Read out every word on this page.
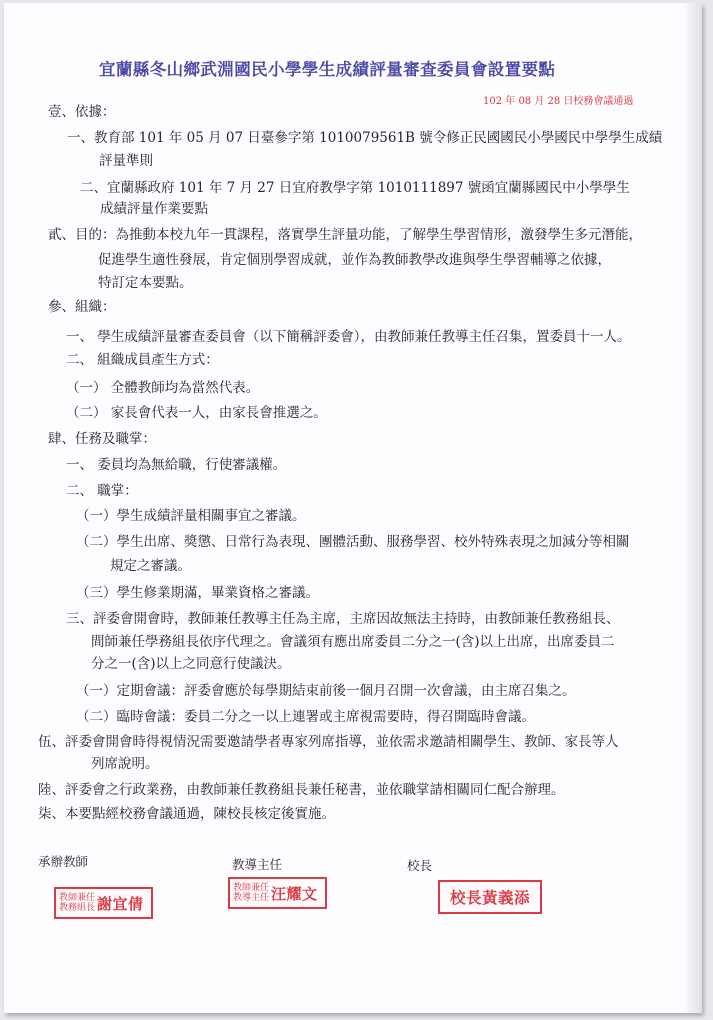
宜蘭縣冬山鄉武淵國民小學學生成績評量審查委員會設置要點
102 年 08 月 28 日校務會議通過
壹、依據：
一、教育部 101 年 05 月 07 日臺參字第 1010079561B 號令修正民國國民小學國民中學學生成績
評量準則
二、宜蘭縣政府 101 年 7 月 27 日宜府教學字第 1010111897 號函宜蘭縣國民中小學學生
成績評量作業要點
貳、目的：為推動本校九年一貫課程，落實學生評量功能，了解學生學習情形，激發學生多元潛能，
促進學生適性發展，肯定個別學習成就，並作為教師教學改進與學生學習輔導之依據，
特訂定本要點。
參、組織：
一、 學生成績評量審查委員會（以下簡稱評委會），由教師兼任教導主任召集，置委員十一人。
二、 組織成員產生方式：
（一） 全體教師均為當然代表。
（二） 家長會代表一人，由家長會推選之。
肆、任務及職掌：
一、 委員均為無給職，行使審議權。
二、 職掌：
（一）學生成績評量相關事宜之審議。
（二）學生出席、獎懲、日常行為表現、團體活動、服務學習、校外特殊表現之加減分等相關
規定之審議。
（三）學生修業期滿，畢業資格之審議。
三、評委會開會時，教師兼任教導主任為主席，主席因故無法主持時，由教師兼任教務組長、
間師兼任學務組長依序代理之。會議須有應出席委員二分之一(含)以上出席，出席委員二
分之一(含)以上之同意行使議決。
（一）定期會議：評委會應於每學期結束前後一個月召開一次會議，由主席召集之。
（二）臨時會議：委員二分之一以上連署或主席視需要時，得召開臨時會議。
伍、評委會開會時得視情況需要邀請學者專家列席指導，並依需求邀請相關學生、教師、家長等人
列席說明。
陸、評委會之行政業務，由教師兼任教務組長兼任秘書，並依職掌請相關同仁配合辦理。
柒、本要點經校務會議通過，陳校長核定後實施。
承辦教師	教導主任	校長
教師兼任
教務組長 謝宜倩
教師兼任
教導主任 汪耀文	校長黃義添
